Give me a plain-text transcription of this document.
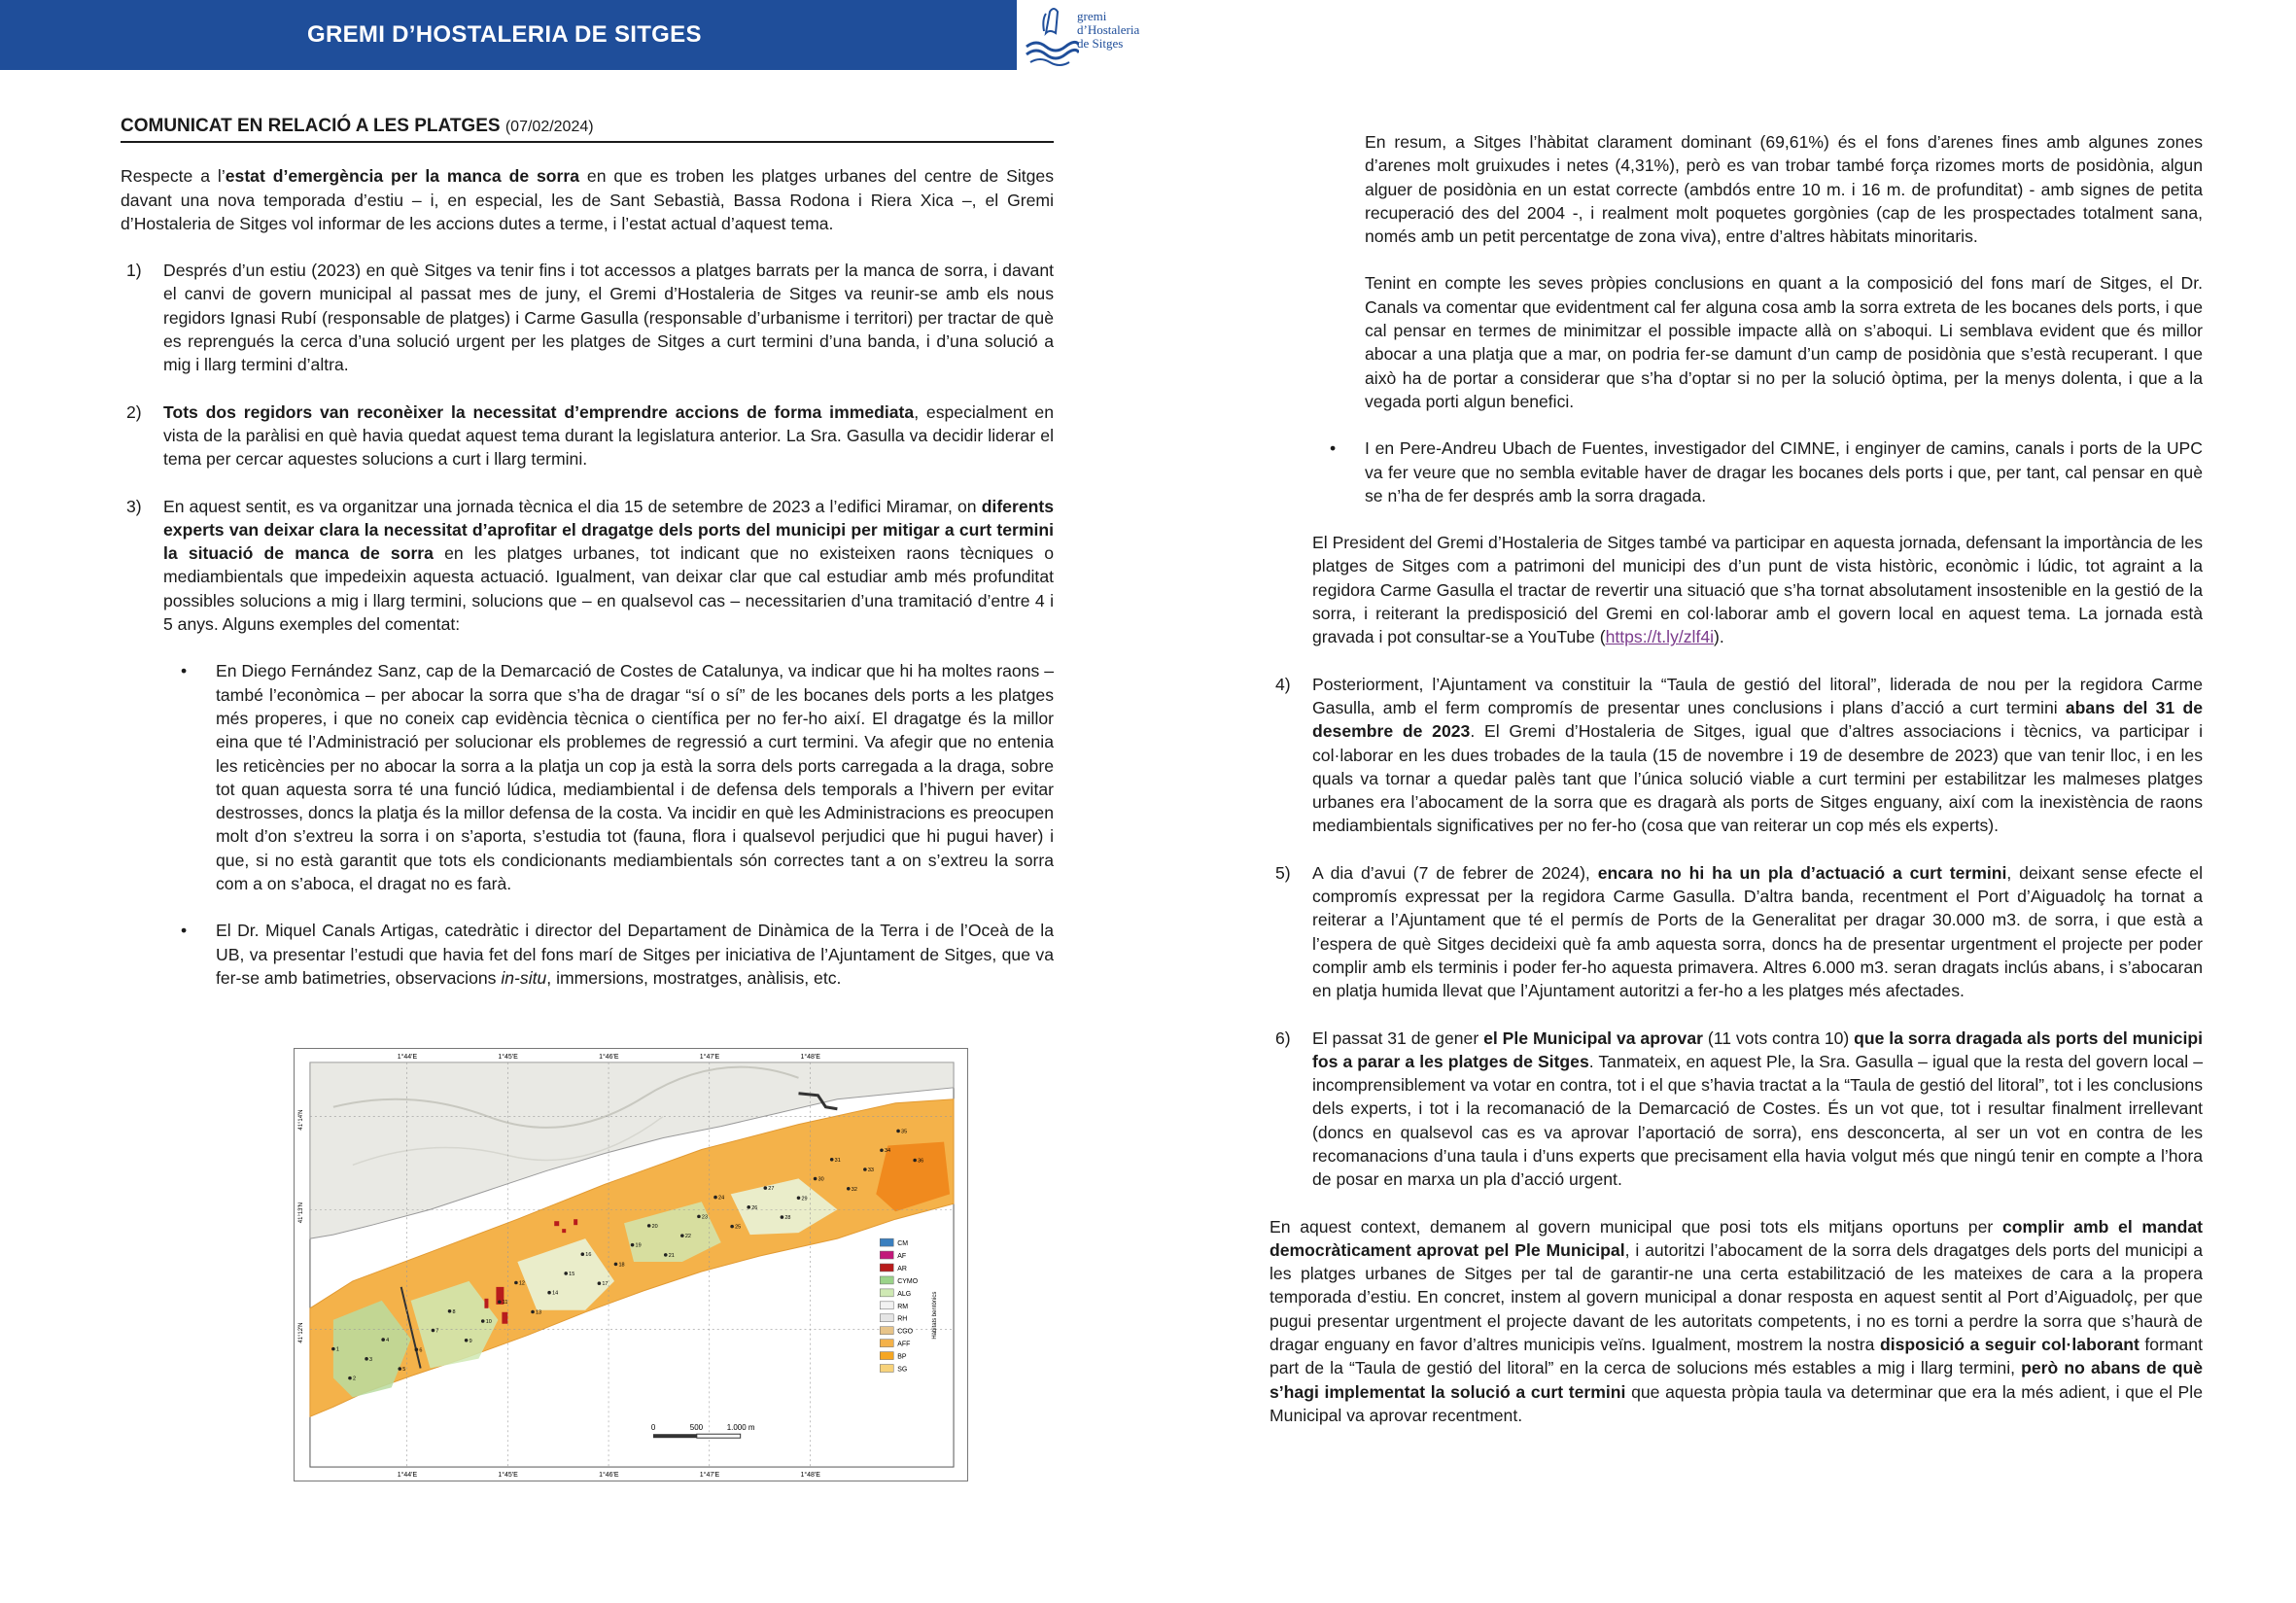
GREMI D’HOSTALERIA DE SITGES
gremi
d’Hostaleria
de Sitges
COMUNICAT EN RELACIÓ A LES PLATGES (07/02/2024)

Respecte a l’estat d’emergència per la manca de sorra en que es troben les platges urbanes del centre de Sitges davant una nova temporada d’estiu – i, en especial, les de Sant Sebastià, Bassa Rodona i Riera Xica –, el Gremi d’Hostaleria de Sitges vol informar de les accions dutes a terme, i l’estat actual d’aquest tema.

1)	Després d’un estiu (2023) en què Sitges va tenir fins i tot accessos a platges barrats per la manca de sorra, i davant el canvi de govern municipal al passat mes de juny, el Gremi d’Hostaleria de Sitges va reunir-se amb els nous regidors Ignasi Rubí (responsable de platges) i Carme Gasulla (responsable d’urbanisme i territori) per tractar de què es reprengués la cerca d’una solució urgent per les platges de Sitges a curt termini d’una banda, i d’una solució a mig i llarg termini d’altra.
2)	Tots dos regidors van reconèixer la necessitat d’emprendre accions de forma immediata, especialment en vista de la paràlisi en què havia quedat aquest tema durant la legislatura anterior. La Sra. Gasulla va decidir liderar el tema per cercar aquestes solucions a curt i llarg termini.
3)	En aquest sentit, es va organitzar una jornada tècnica el dia 15 de setembre de 2023 a l’edifici Miramar, on diferents experts van deixar clara la necessitat d’aprofitar el dragatge dels ports del municipi per mitigar a curt termini la situació de manca de sorra en les platges urbanes, tot indicant que no existeixen raons tècniques o mediambientals que impedeixin aquesta actuació. Igualment, van deixar clar que cal estudiar amb més profunditat possibles solucions a mig i llarg termini, solucions que – en qualsevol cas – necessitarien d’una tramitació d’entre 4 i 5 anys. Alguns exemples del comentat:
•	En Diego Fernández Sanz, cap de la Demarcació de Costes de Catalunya, va indicar que hi ha moltes raons – també l’econòmica – per abocar la sorra que s’ha de dragar “sí o sí” de les bocanes dels ports a les platges més properes, i que no coneix cap evidència tècnica o científica per no fer-ho així. El dragatge és la millor eina que té l’Administració per solucionar els problemes de regressió a curt termini. Va afegir que no entenia les reticències per no abocar la sorra a la platja un cop ja està la sorra dels ports carregada a la draga, sobre tot quan aquesta sorra té una funció lúdica, mediambiental i de defensa dels temporals a l’hivern per evitar destrosses, doncs la platja és la millor defensa de la costa. Va incidir en què les Administracions es preocupen molt d’on s’extreu la sorra i on s’aporta, s’estudia tot (fauna, flora i qualsevol perjudici que hi pugui haver) i que, si no està garantit que tots els condicionants mediambientals són correctes tant a on s’extreu la sorra com a on s’aboca, el dragat no es farà.
•	El Dr. Miquel Canals Artigas, catedràtic i director del Departament de Dinàmica de la Terra i de l’Oceà de la UB, va presentar l’estudi que havia fet del fons marí de Sitges per iniciativa de l’Ajuntament de Sitges, que va fer-se amb batimetries, observacions in-situ, immersions, mostratges, anàlisis, etc.
CM
AF
AR
CYMO
ALG
RM
RH
CGO
AFF
BP
SG
Hàbitats bentònics
0	500	1.000 m
1°44'E	1°45'E	1°46'E	1°47'E	1°48'E
1°44'E	1°45'E	1°46'E	1°47'E	1°48'E
41°14'N
41°13'N
41°12'N
1
2
3
4
5
6
7
8
9
10
11
12
13
14
15
16
17
18
19
20
21
22
23
24
25
26
27
28
29
30
31
32
33
34
35
36

En resum, a Sitges l’hàbitat clarament dominant (69,61%) és el fons d’arenes fines amb algunes zones d’arenes molt gruixudes i netes (4,31%), però es van trobar també força rizomes morts de posidònia, algun alguer de posidònia en un estat correcte (ambdós entre 10 m. i 16 m. de profunditat) - amb signes de petita recuperació des del 2004 -, i realment molt poquetes gorgònies (cap de les prospectades totalment sana, només amb un petit percentatge de zona viva), entre d’altres hàbitats minoritaris.

Tenint en compte les seves pròpies conclusions en quant a la composició del fons marí de Sitges, el Dr. Canals va comentar que evidentment cal fer alguna cosa amb la sorra extreta de les bocanes dels ports, i que cal pensar en termes de minimitzar el possible impacte allà on s’aboqui. Li semblava evident que és millor abocar a una platja que a mar, on podria fer-se damunt d’un camp de posidònia que s’està recuperant. I que això ha de portar a considerar que s’ha d’optar si no per la solució òptima, per la menys dolenta, i que a la vegada porti algun benefici.

•	I en Pere-Andreu Ubach de Fuentes, investigador del CIMNE, i enginyer de camins, canals i ports de la UPC va fer veure que no sembla evitable haver de dragar les bocanes dels ports i que, per tant, cal pensar en què se n’ha de fer després amb la sorra dragada.

El President del Gremi d’Hostaleria de Sitges també va participar en aquesta jornada, defensant la importància de les platges de Sitges com a patrimoni del municipi des d’un punt de vista històric, econòmic i lúdic, tot agraint a la regidora Carme Gasulla el tractar de revertir una situació que s’ha tornat absolutament insostenible en la gestió de la sorra, i reiterant la predisposició del Gremi en col·laborar amb el govern local en aquest tema. La jornada està gravada i pot consultar-se a YouTube (https://t.ly/zlf4i).

4)	Posteriorment, l’Ajuntament va constituir la “Taula de gestió del litoral”, liderada de nou per la regidora Carme Gasulla, amb el ferm compromís de presentar unes conclusions i plans d’acció a curt termini abans del 31 de desembre de 2023. El Gremi d’Hostaleria de Sitges, igual que d’altres associacions i tècnics, va participar i col·laborar en les dues trobades de la taula (15 de novembre i 19 de desembre de 2023) que van tenir lloc, i en les quals va tornar a quedar palès tant que l’única solució viable a curt termini per estabilitzar les malmeses platges urbanes era l’abocament de la sorra que es dragarà als ports de Sitges enguany, així com la inexistència de raons mediambientals significatives per no fer-ho (cosa que van reiterar un cop més els experts).
5)	A dia d’avui (7 de febrer de 2024), encara no hi ha un pla d’actuació a curt termini, deixant sense efecte el compromís expressat per la regidora Carme Gasulla. D’altra banda, recentment el Port d’Aiguadolç ha tornat a reiterar a l’Ajuntament que té el permís de Ports de la Generalitat per dragar 30.000 m3. de sorra, i que està a l’espera de què Sitges decideixi què fa amb aquesta sorra, doncs ha de presentar urgentment el projecte per poder complir amb els terminis i poder fer-ho aquesta primavera. Altres 6.000 m3. seran dragats inclús abans, i s’abocaran en platja humida llevat que l’Ajuntament autoritzi a fer-ho a les platges més afectades.
6)	El passat 31 de gener el Ple Municipal va aprovar (11 vots contra 10) que la sorra dragada als ports del municipi fos a parar a les platges de Sitges. Tanmateix, en aquest Ple, la Sra. Gasulla – igual que la resta del govern local – incomprensiblement va votar en contra, tot i el que s’havia tractat a la “Taula de gestió del litoral”, tot i les conclusions dels experts, i tot i la recomanació de la Demarcació de Costes. És un vot que, tot i resultar finalment irrellevant (doncs en qualsevol cas es va aprovar l’aportació de sorra), ens desconcerta, al ser un vot en contra de les recomanacions d’una taula i d’uns experts que precisament ella havia volgut més que ningú tenir en compte a l’hora de posar en marxa un pla d’acció urgent.

En aquest context, demanem al govern municipal que posi tots els mitjans oportuns per complir amb el mandat democràticament aprovat pel Ple Municipal, i autoritzi l’abocament de la sorra dels dragatges dels ports del municipi a les platges urbanes de Sitges per tal de garantir-ne una certa estabilització de les mateixes de cara a la propera temporada d’estiu. En concret, instem al govern municipal a donar resposta en aquest sentit al Port d’Aiguadolç, per que pugui presentar urgentment el projecte davant de les autoritats competents, i no es torni a perdre la sorra que s’haurà de dragar enguany en favor d’altres municipis veïns. Igualment, mostrem la nostra disposició a seguir col·laborant formant part de la “Taula de gestió del litoral” en la cerca de solucions més estables a mig i llarg termini, però no abans de què s’hagi implementat la solució a curt termini que aquesta pròpia taula va determinar que era la més adient, i que el Ple Municipal va aprovar recentment.
